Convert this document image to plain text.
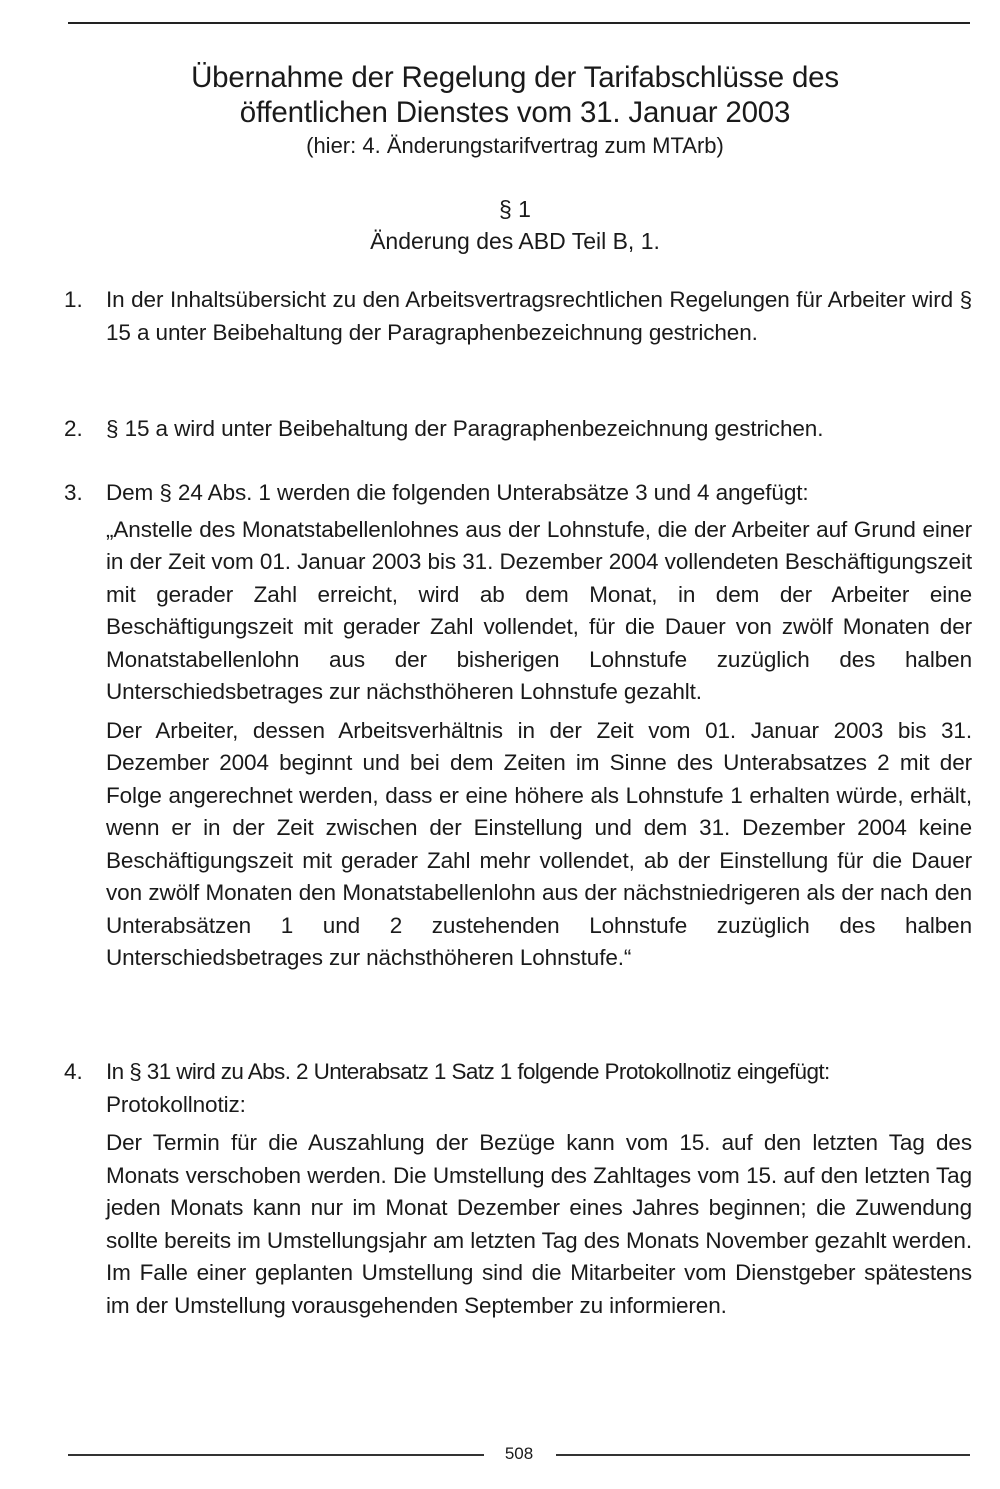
Übernahme der Regelung der Tarifabschlüsse des
öffentlichen Dienstes vom 31. Januar 2003
(hier: 4. Änderungstarifvertrag zum MTArb)
§ 1
Änderung des ABD Teil B, 1.
1. In der Inhaltsübersicht zu den Arbeitsvertragsrechtlichen Regelungen für Arbeiter wird § 15 a unter Beibehaltung der Paragraphenbezeichnung gestrichen.
2. § 15 a wird unter Beibehaltung der Paragraphenbezeichnung gestrichen.
3. Dem § 24 Abs. 1 werden die folgenden Unterabsätze 3 und 4 angefügt:
„Anstelle des Monatstabellenlohnes aus der Lohnstufe, die der Arbeiter auf Grund einer in der Zeit vom 01. Januar 2003 bis 31. Dezember 2004 vollendeten Beschäftigungszeit mit gerader Zahl erreicht, wird ab dem Monat, in dem der Arbeiter eine Beschäftigungszeit mit gerader Zahl vollendet, für die Dauer von zwölf Monaten der Monatstabellenlohn aus der bisherigen Lohnstufe zuzüglich des halben Unterschiedsbetrages zur nächsthöheren Lohnstufe gezahlt.
Der Arbeiter, dessen Arbeitsverhältnis in der Zeit vom 01. Januar 2003 bis 31. Dezember 2004 beginnt und bei dem Zeiten im Sinne des Unterabsatzes 2 mit der Folge angerechnet werden, dass er eine höhere als Lohnstufe 1 erhalten würde, erhält, wenn er in der Zeit zwischen der Einstellung und dem 31. Dezember 2004 keine Beschäftigungszeit mit gerader Zahl mehr vollendet, ab der Einstellung für die Dauer von zwölf Monaten den Monatstabellenlohn aus der nächstniedrigeren als der nach den Unterabsätzen 1 und 2 zustehenden Lohnstufe zuzüglich des halben Unterschiedsbetrages zur nächsthöheren Lohnstufe.“
4. In § 31 wird zu Abs. 2 Unterabsatz 1 Satz 1 folgende Protokollnotiz eingefügt:
Protokollnotiz:
Der Termin für die Auszahlung der Bezüge kann vom 15. auf den letzten Tag des Monats verschoben werden. Die Umstellung des Zahltages vom 15. auf den letzten Tag jeden Monats kann nur im Monat Dezember eines Jahres beginnen; die Zuwendung sollte bereits im Umstellungsjahr am letzten Tag des Monats November gezahlt werden. Im Falle einer geplanten Umstellung sind die Mitarbeiter vom Dienstgeber spätestens im der Umstellung vorausgehenden September zu informieren.
508
